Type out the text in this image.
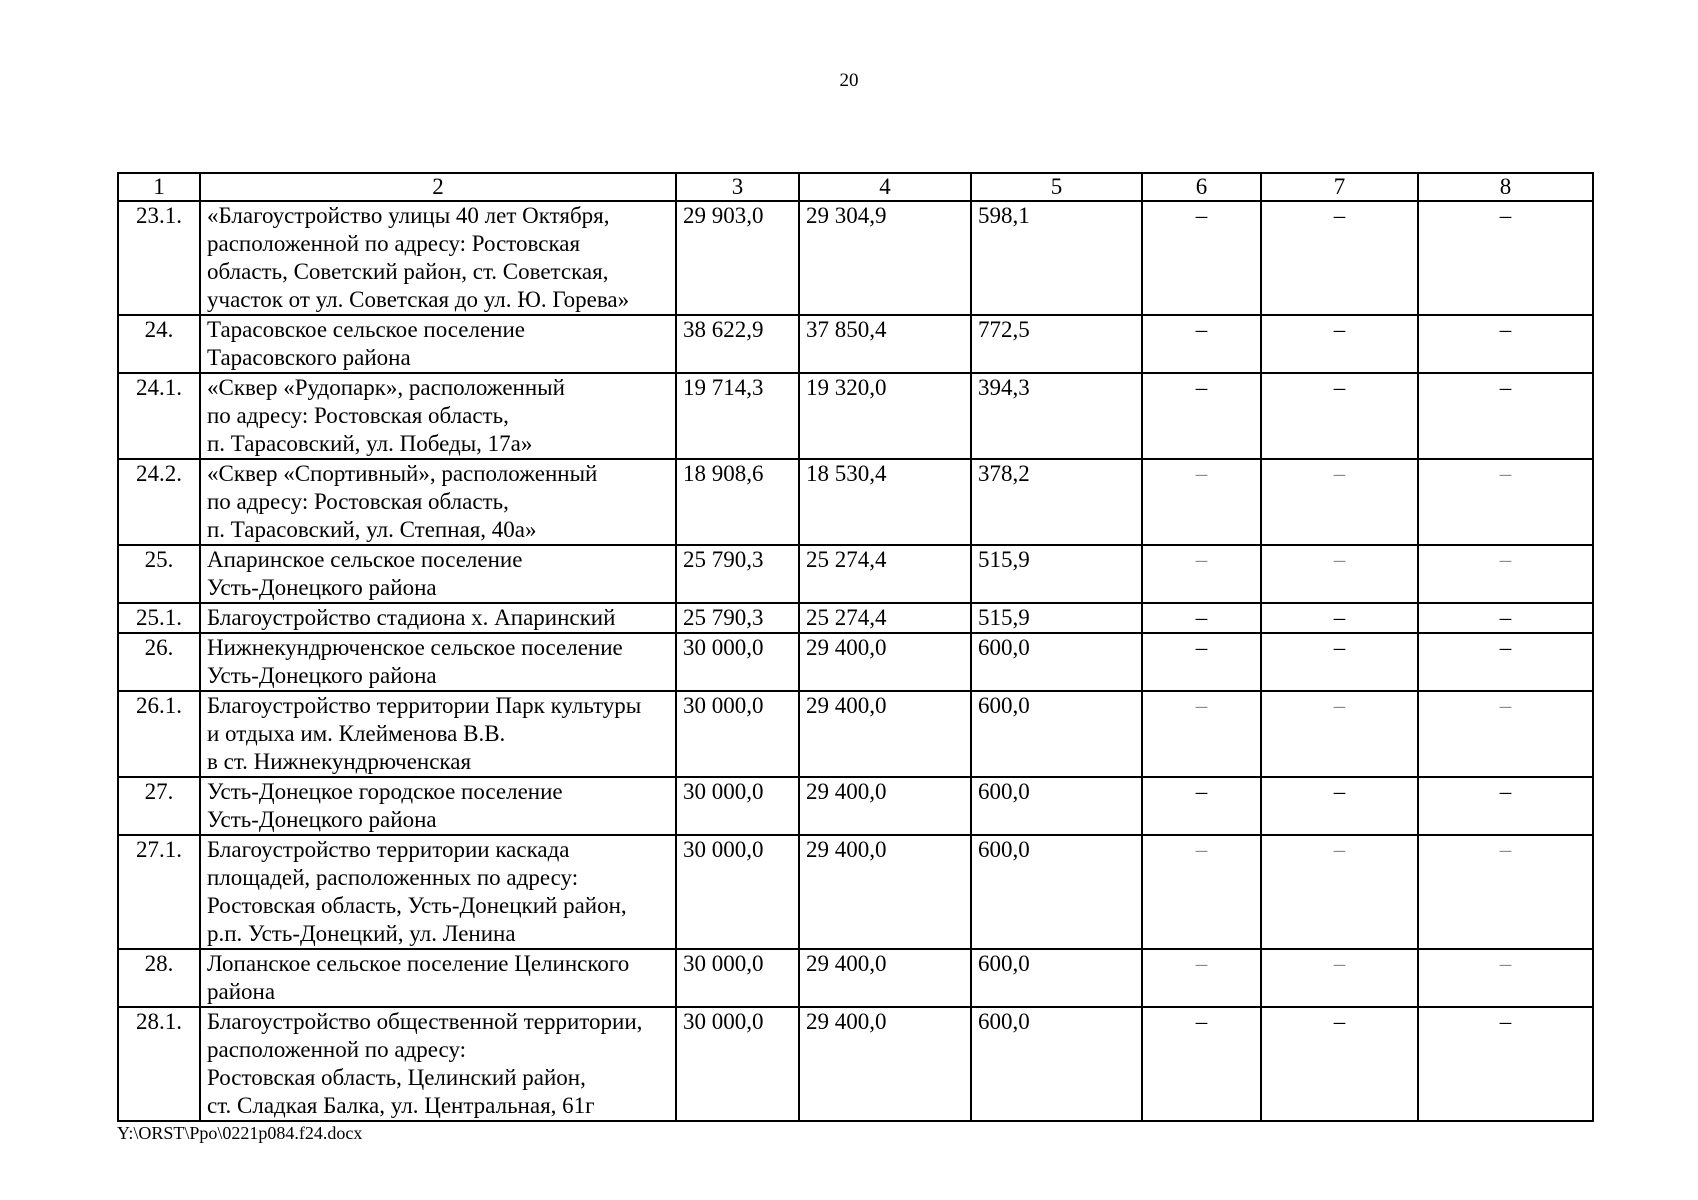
20
1	2	3	4	5	6	7	8
23.1.	«Благоустройство улицы 40 лет Октября,
расположенной по адресу: Ростовская
область, Советский район, ст. Советская,
участок от ул. Советская до ул. Ю. Горева»	29 903,0	29 304,9	598,1	–	–	–
24.	Тарасовское сельское поселение
Тарасовского района	38 622,9	37 850,4	772,5	–	–	–
24.1.	«Сквер «Рудопарк», расположенный
по адресу: Ростовская область,
п. Тарасовский, ул. Победы, 17а»	19 714,3	19 320,0	394,3	–	–	–
24.2.	«Сквер «Спортивный», расположенный
по адресу: Ростовская область,
п. Тарасовский, ул. Степная, 40а»	18 908,6	18 530,4	378,2	–	–	–
25.	Апаринское сельское поселение
Усть-Донецкого района	25 790,3	25 274,4	515,9	–	–	–
25.1.	Благоустройство стадиона х. Апаринский	25 790,3	25 274,4	515,9	–	–	–
26.	Нижнекундрюченское сельское поселение
Усть-Донецкого района	30 000,0	29 400,0	600,0	–	–	–
26.1.	Благоустройство территории Парк культуры
и отдыха им. Клейменова В.В.
в ст. Нижнекундрюченская	30 000,0	29 400,0	600,0	–	–	–
27.	Усть-Донецкое городское поселение
Усть-Донецкого района	30 000,0	29 400,0	600,0	–	–	–
27.1.	Благоустройство территории каскада
площадей, расположенных по адресу:
Ростовская область, Усть-Донецкий район,
р.п. Усть-Донецкий, ул. Ленина	30 000,0	29 400,0	600,0	–	–	–
28.	Лопанское сельское поселение Целинского
района	30 000,0	29 400,0	600,0	–	–	–
28.1.	Благоустройство общественной территории,
расположенной по адресу:
Ростовская область, Целинский район,
ст. Сладкая Балка, ул. Центральная, 61г	30 000,0	29 400,0	600,0	–	–	–
Y:\ORST\Ppo\0221p084.f24.docx
